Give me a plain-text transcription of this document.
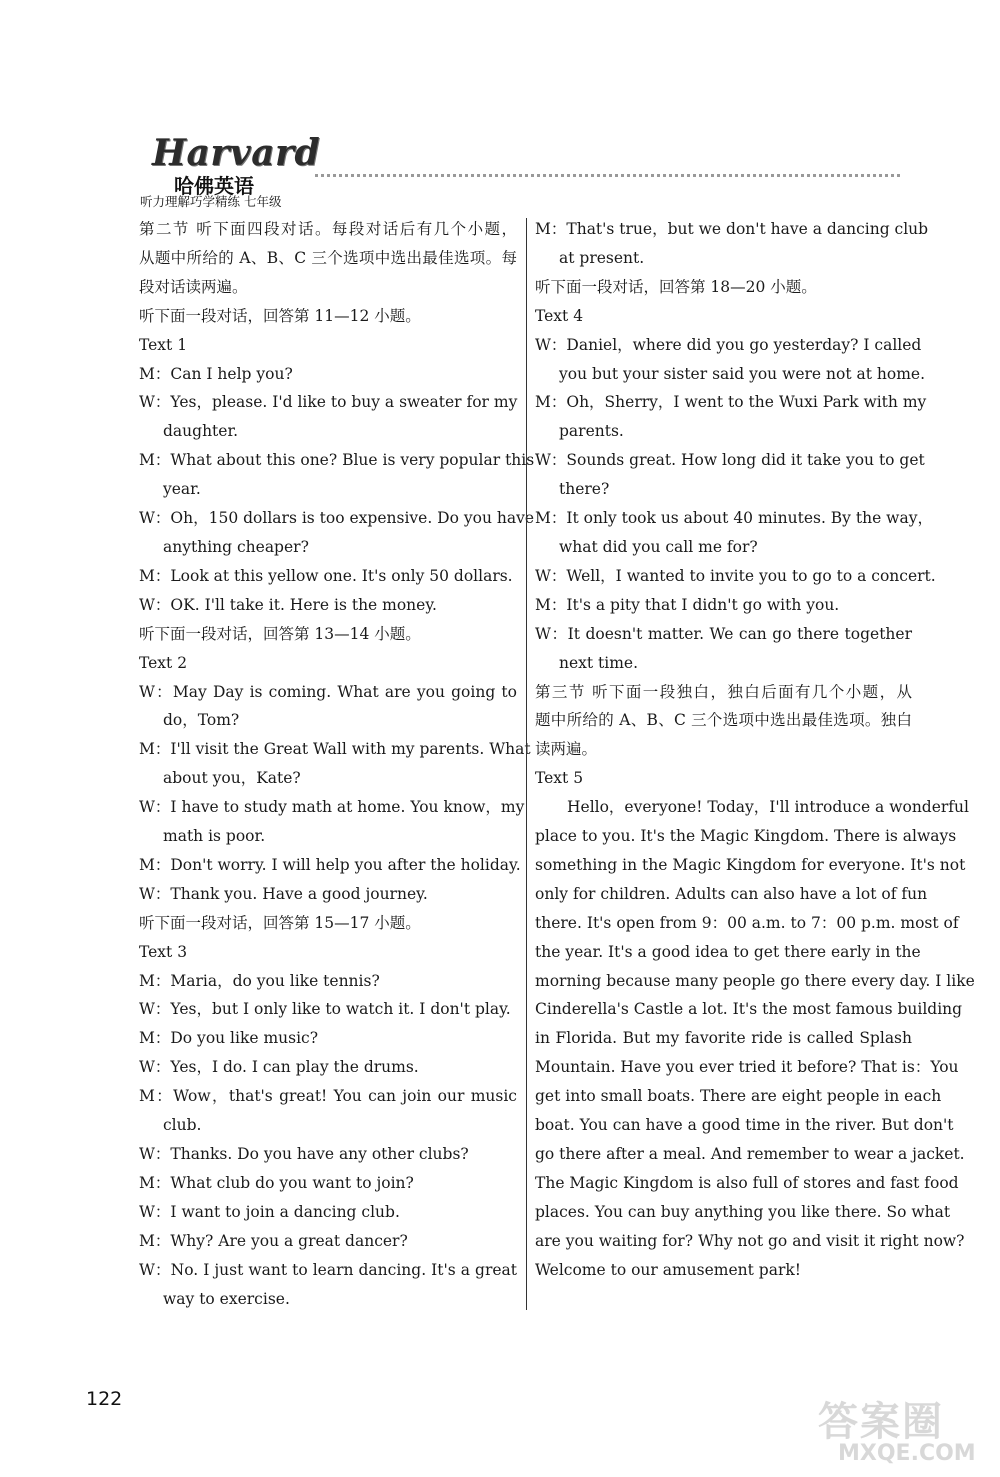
Harvard
哈佛英语
听力理解巧学精练 七年级
第二节 听下面四段对话。每段对话后有几个小题，
从题中所给的 A、B、C 三个选项中选出最佳选项。每
段对话读两遍。
听下面一段对话，回答第 11—12 小题。
Text 1
M：Can I help you?
W：Yes，please. I'd like to buy a sweater for my
daughter.
M：What about this one? Blue is very popular this
year.
W：Oh，150 dollars is too expensive. Do you have
anything cheaper?
M：Look at this yellow one. It's only 50 dollars.
W：OK. I'll take it. Here is the money.
听下面一段对话，回答第 13—14 小题。
Text 2
W：May Day is coming. What are you going to
do，Tom?
M：I'll visit the Great Wall with my parents. What
about you，Kate?
W：I have to study math at home. You know，my
math is poor.
M：Don't worry. I will help you after the holiday.
W：Thank you. Have a good journey.
听下面一段对话，回答第 15—17 小题。
Text 3
M：Maria，do you like tennis?
W：Yes，but I only like to watch it. I don't play.
M：Do you like music?
W：Yes，I do. I can play the drums.
M：Wow，that's great! You can join our music
club.
W：Thanks. Do you have any other clubs?
M：What club do you want to join?
W：I want to join a dancing club.
M：Why? Are you a great dancer?
W：No. I just want to learn dancing. It's a great
way to exercise.
M：That's true，but we don't have a dancing club
at present.
听下面一段对话，回答第 18—20 小题。
Text 4
W：Daniel，where did you go yesterday? I called
you but your sister said you were not at home.
M：Oh，Sherry，I went to the Wuxi Park with my
parents.
W：Sounds great. How long did it take you to get
there?
M：It only took us about 40 minutes. By the way，
what did you call me for?
W：Well，I wanted to invite you to go to a concert.
M：It's a pity that I didn't go with you.
W：It doesn't matter. We can go there together
next time.
第三节 听下面一段独白，独白后面有几个小题，从
题中所给的 A、B、C 三个选项中选出最佳选项。独白
读两遍。
Text 5
Hello，everyone! Today，I'll introduce a wonderful
place to you. It's the Magic Kingdom. There is always
something in the Magic Kingdom for everyone. It's not
only for children. Adults can also have a lot of fun
there. It's open from 9：00 a.m. to 7：00 p.m. most of
the year. It's a good idea to get there early in the
morning because many people go there every day. I like
Cinderella's Castle a lot. It's the most famous building
in Florida. But my favorite ride is called Splash
Mountain. Have you ever tried it before? That is：You
get into small boats. There are eight people in each
boat. You can have a good time in the river. But don't
go there after a meal. And remember to wear a jacket.
The Magic Kingdom is also full of stores and fast food
places. You can buy anything you like there. So what
are you waiting for? Why not go and visit it right now?
Welcome to our amusement park!
122	答案圈
MXQE.COM
